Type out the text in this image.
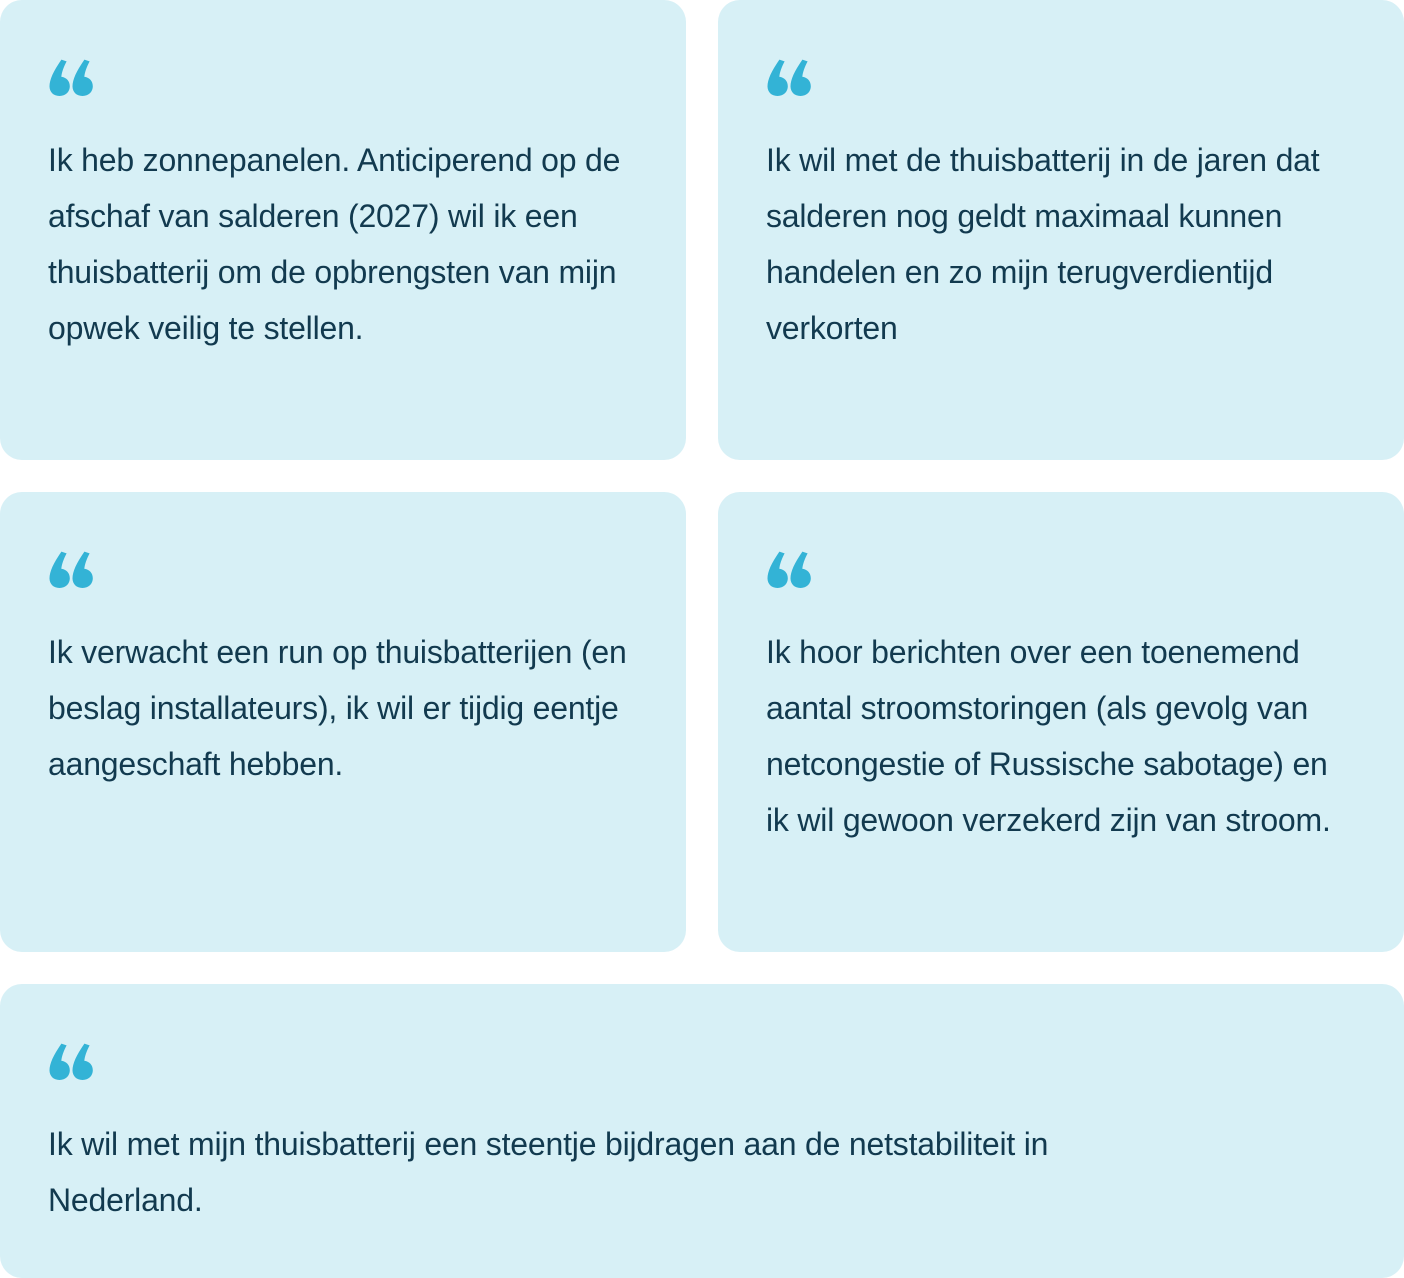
Ik heb zonnepanelen. Anticiperend op de afschaf van salderen (2027) wil ik een thuisbatterij om de opbrengsten van mijn opwek veilig te stellen.

Ik wil met de thuisbatterij in de jaren dat salderen nog geldt maximaal kunnen handelen en zo mijn terugverdientijd verkorten

Ik verwacht een run op thuisbatterijen (en beslag installateurs), ik wil er tijdig eentje aangeschaft hebben.

Ik hoor berichten over een toenemend aantal stroomstoringen (als gevolg van netcongestie of Russische sabotage) en ik wil gewoon verzekerd zijn van stroom.

Ik wil met mijn thuisbatterij een steentje bijdragen aan de netstabiliteit in Nederland.
